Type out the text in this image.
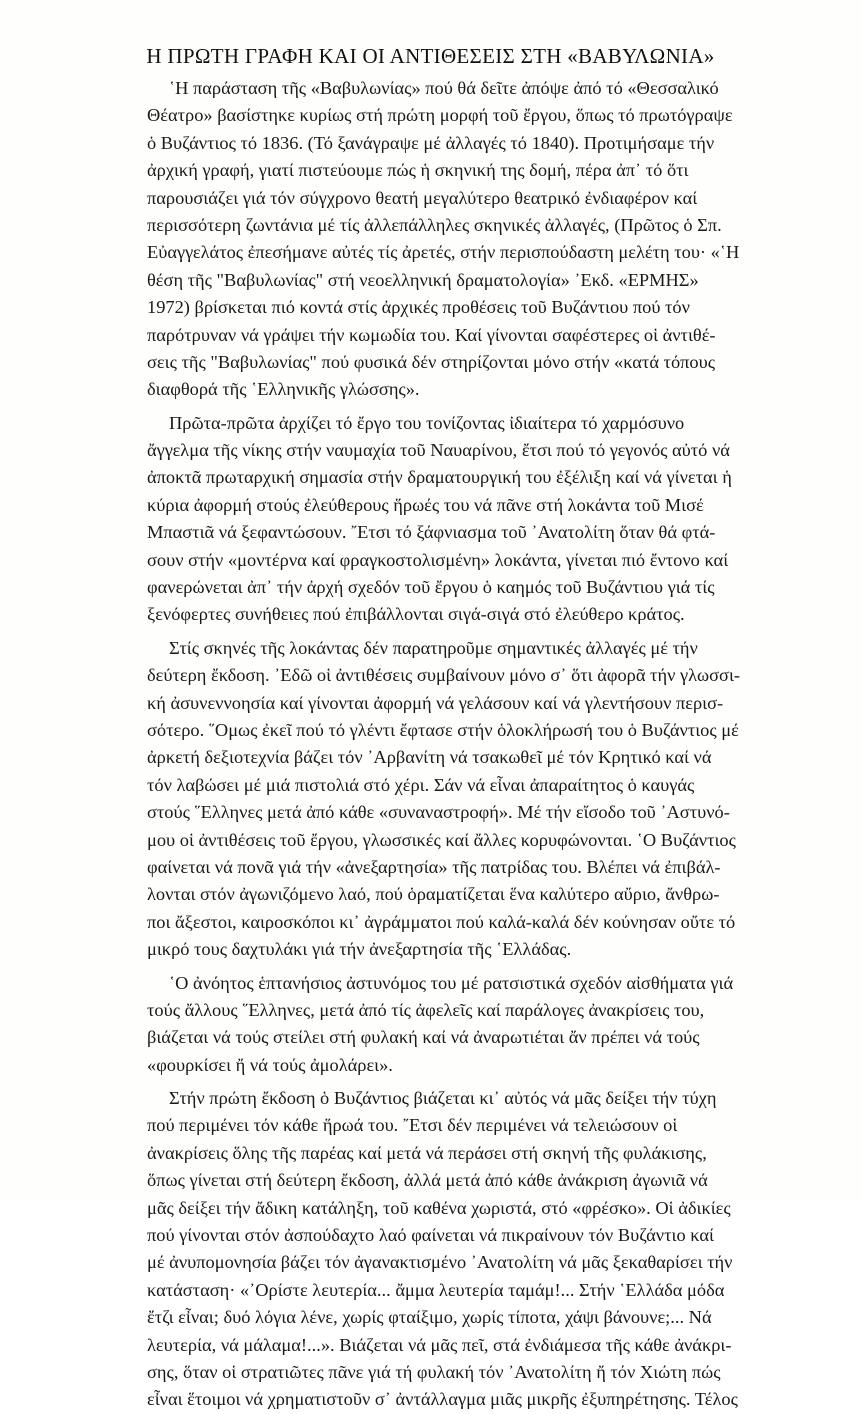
Η ΠΡΩΤΗ ΓΡΑΦΗ ΚΑΙ ΟΙ ΑΝΤΙΘΕΣΕΙΣ ΣΤΗ «ΒΑΒΥΛΩΝΙΑ»
῾Η παράσταση τῆς «Βαβυλωνίας» πού θά δεῖτε ἀπόψε ἀπό τό «Θεσσαλικό
Θέατρο» βασίστηκε κυρίως στή πρώτη μορφή τοῦ ἔργου, ὅπως τό πρωτόγραψε
ὁ Βυζάντιος τό 1836. (Τό ξανάγραψε μέ ἀλλαγές τό 1840). Προτιμήσαμε τήν
ἀρχική γραφή, γιατί πιστεύουμε πώς ἡ σκηνική της δομή, πέρα ἀπ᾽ τό ὅτι
παρουσιάζει γιά τόν σύγχρονο θεατή μεγαλύτερο θεατρικό ἐνδιαφέρον καί
περισσότερη ζωντάνια μέ τίς ἀλλεπάλληλες σκηνικές ἀλλαγές, (Πρῶτος ὁ Σπ.
Εὐαγγελάτος ἐπεσήμανε αὐτές τίς ἀρετές, στήν περισπούδαστη μελέτη του· «῾Η
θέση τῆς "Βαβυλωνίας" στή νεοελληνική δραματολογία» ᾽Εκδ. «ΕΡΜΗΣ»
1972) βρίσκεται πιό κοντά στίς ἀρχικές προθέσεις τοῦ Βυζάντιου πού τόν
παρότρυναν νά γράψει τήν κωμωδία του. Καί γίνονται σαφέστερες οἱ ἀντιθέ-
σεις τῆς "Βαβυλωνίας" πού φυσικά δέν στηρίζονται μόνο στήν «κατά τόπους
διαφθορά τῆς ῾Ελληνικῆς γλώσσης».
Πρῶτα-πρῶτα ἀρχίζει τό ἔργο του τονίζοντας ἰδιαίτερα τό χαρμόσυνο
ἄγγελμα τῆς νίκης στήν ναυμαχία τοῦ Ναυαρίνου, ἔτσι πού τό γεγονός αὐτό νά
ἀποκτᾶ πρωταρχική σημασία στήν δραματουργική του ἐξέλιξη καί νά γίνεται ἡ
κύρια ἀφορμή στούς ἐλεύθερους ἥρωές του νά πᾶνε στή λοκάντα τοῦ Μισέ
Μπαστιᾶ νά ξεφαντώσουν. ῎Ετσι τό ξάφνιασμα τοῦ ᾽Ανατολίτη ὅταν θά φτά-
σουν στήν «μοντέρνα καί φραγκοστολισμένη» λοκάντα, γίνεται πιό ἔντονο καί
φανερώνεται ἀπ᾽ τήν ἀρχή σχεδόν τοῦ ἔργου ὁ καημός τοῦ Βυζάντιου γιά τίς
ξενόφερτες συνήθειες πού ἐπιβάλλονται σιγά-σιγά στό ἐλεύθερο κράτος.
Στίς σκηνές τῆς λοκάντας δέν παρατηροῦμε σημαντικές ἀλλαγές μέ τήν
δεύτερη ἔκδοση. ᾽Εδῶ οἱ ἀντιθέσεις συμβαίνουν μόνο σ᾽ ὅτι ἀφορᾶ τήν γλωσσι-
κή ἀσυνεννοησία καί γίνονται ἀφορμή νά γελάσουν καί νά γλεντήσουν περισ-
σότερο. ῞Ομως ἐκεῖ πού τό γλέντι ἔφτασε στήν ὁλοκλήρωσή του ὁ Βυζάντιος μέ
ἀρκετή δεξιοτεχνία βάζει τόν ᾽Αρβανίτη νά τσακωθεῖ μέ τόν Κρητικό καί νά
τόν λαβώσει μέ μιά πιστολιά στό χέρι. Σάν νά εἶναι ἀπαραίτητος ὁ καυγάς
στούς ῞Ελληνες μετά ἀπό κάθε «συναναστροφή». Μέ τήν εἴσοδο τοῦ ᾽Αστυνό-
μου οἱ ἀντιθέσεις τοῦ ἔργου, γλωσσικές καί ἄλλες κορυφώνονται. ῾Ο Βυζάντιος
φαίνεται νά πονᾶ γιά τήν «ἀνεξαρτησία» τῆς πατρίδας του. Βλέπει νά ἐπιβάλ-
λονται στόν ἀγωνιζόμενο λαό, πού ὁραματίζεται ἕνα καλύτερο αὔριο, ἄνθρω-
ποι ἄξεστοι, καιροσκόποι κι᾽ ἀγράμματοι πού καλά-καλά δέν κούνησαν οὔτε τό
μικρό τους δαχτυλάκι γιά τήν ἀνεξαρτησία τῆς ῾Ελλάδας.
῾Ο ἀνόητος ἑπτανήσιος ἀστυνόμος του μέ ρατσιστικά σχεδόν αἰσθήματα γιά
τούς ἄλλους ῞Ελληνες, μετά ἀπό τίς ἀφελεῖς καί παράλογες ἀνακρίσεις του,
βιάζεται νά τούς στείλει στή φυλακή καί νά ἀναρωτιέται ἄν πρέπει νά τούς
«φουρκίσει ἤ νά τούς ἀμολάρει».
Στήν πρώτη ἔκδοση ὁ Βυζάντιος βιάζεται κι᾽ αὐτός νά μᾶς δείξει τήν τύχη
πού περιμένει τόν κάθε ἥρωά του. ῎Ετσι δέν περιμένει νά τελειώσουν οἱ
ἀνακρίσεις ὅλης τῆς παρέας καί μετά νά περάσει στή σκηνή τῆς φυλάκισης,
ὅπως γίνεται στή δεύτερη ἔκδοση, ἀλλά μετά ἀπό κάθε ἀνάκριση ἀγωνιᾶ νά
μᾶς δείξει τήν ἄδικη κατάληξη, τοῦ καθένα χωριστά, στό «φρέσκο». Οἱ ἀδικίες
πού γίνονται στόν ἀσπούδαχτο λαό φαίνεται νά πικραίνουν τόν Βυζάντιο καί
μέ ἀνυπομονησία βάζει τόν ἀγανακτισμένο ᾽Ανατολίτη νά μᾶς ξεκαθαρίσει τήν
κατάσταση· «᾽Ορίστε λευτερία... ἄμμα λευτερία ταμάμ!... Στήν ῾Ελλάδα μόδα
ἔτζι εἶναι; δυό λόγια λένε, χωρίς φταίξιμο, χωρίς τίποτα, χάψι βάνουνε;... Νά
λευτερία, νά μάλαμα!...». Βιάζεται νά μᾶς πεῖ, στά ἐνδιάμεσα τῆς κάθε ἀνάκρι-
σης, ὅταν οἱ στρατιῶτες πᾶνε γιά τή φυλακή τόν ᾽Ανατολίτη ἤ τόν Χιώτη πώς
εἶναι ἕτοιμοι νά χρηματιστοῦν σ᾽ ἀντάλλαγμα μιᾶς μικρῆς ἐξυπηρέτησης. Τέλος
